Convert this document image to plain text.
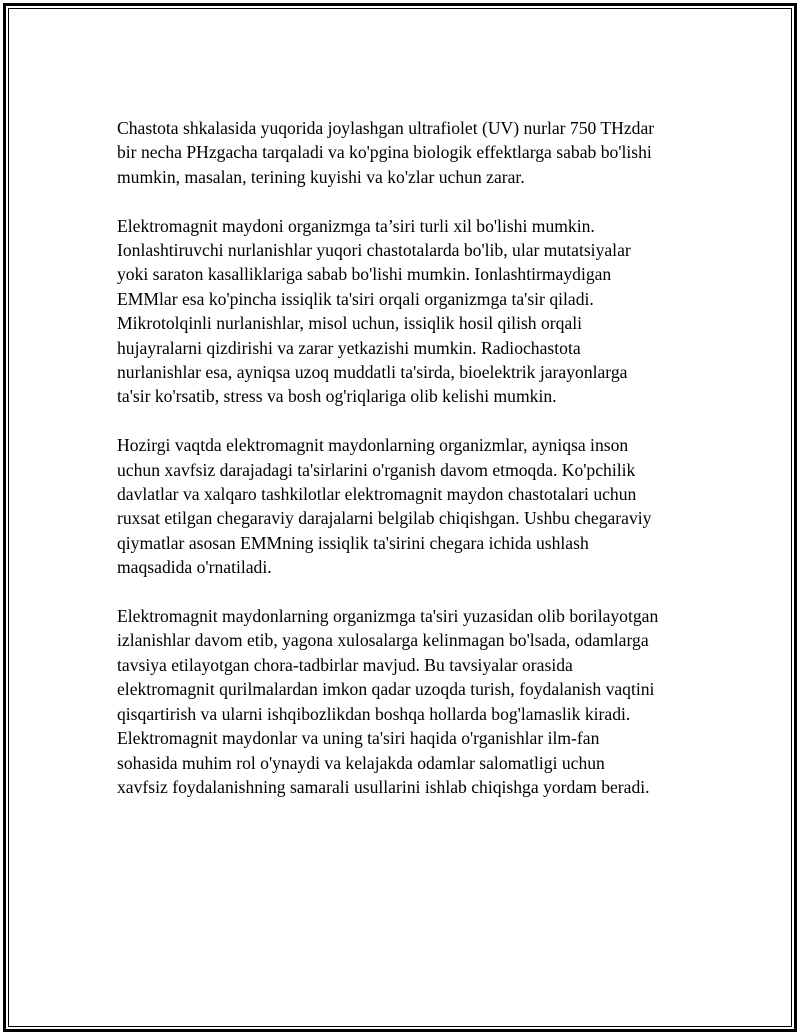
Chastota shkalasida yuqorida joylashgan ultrafiolet (UV) nurlar 750 THzdar
bir necha PHzgacha tarqaladi va ko'pgina biologik effektlarga sabab bo'lishi
mumkin, masalan, terining kuyishi va ko'zlar uchun zarar.

Elektromagnit maydoni organizmga ta’siri turli xil bo'lishi mumkin.
Ionlashtiruvchi nurlanishlar yuqori chastotalarda bo'lib, ular mutatsiyalar
yoki saraton kasalliklariga sabab bo'lishi mumkin. Ionlashtirmaydigan
EMMlar esa ko'pincha issiqlik ta'siri orqali organizmga ta'sir qiladi.
Mikrotolqinli nurlanishlar, misol uchun, issiqlik hosil qilish orqali
hujayralarni qizdirishi va zarar yetkazishi mumkin. Radiochastota
nurlanishlar esa, ayniqsa uzoq muddatli ta'sirda, bioelektrik jarayonlarga
ta'sir ko'rsatib, stress va bosh og'riqlariga olib kelishi mumkin.

Hozirgi vaqtda elektromagnit maydonlarning organizmlar, ayniqsa inson
uchun xavfsiz darajadagi ta'sirlarini o'rganish davom etmoqda. Ko'pchilik
davlatlar va xalqaro tashkilotlar elektromagnit maydon chastotalari uchun
ruxsat etilgan chegaraviy darajalarni belgilab chiqishgan. Ushbu chegaraviy
qiymatlar asosan EMMning issiqlik ta'sirini chegara ichida ushlash
maqsadida o'rnatiladi.

Elektromagnit maydonlarning organizmga ta'siri yuzasidan olib borilayotgan
izlanishlar davom etib, yagona xulosalarga kelinmagan bo'lsada, odamlarga
tavsiya etilayotgan chora-tadbirlar mavjud. Bu tavsiyalar orasida
elektromagnit qurilmalardan imkon qadar uzoqda turish, foydalanish vaqtini
qisqartirish va ularni ishqibozlikdan boshqa hollarda bog'lamaslik kiradi.
Elektromagnit maydonlar va uning ta'siri haqida o'rganishlar ilm-fan
sohasida muhim rol o'ynaydi va kelajakda odamlar salomatligi uchun
xavfsiz foydalanishning samarali usullarini ishlab chiqishga yordam beradi.
